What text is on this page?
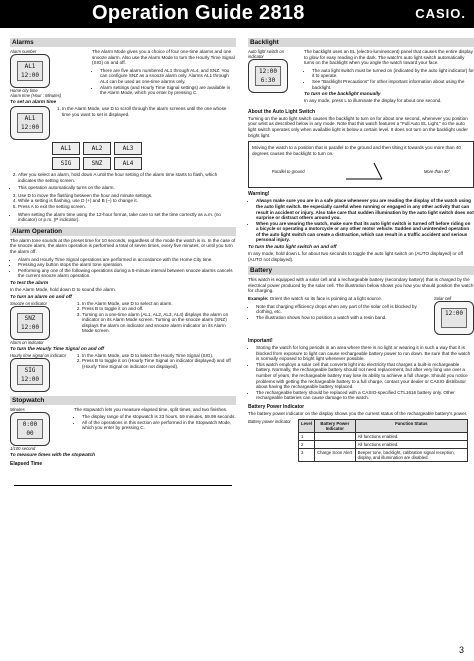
Operation Guide 2818	CASIO.
Alarms
Alarm number
AL1
12:00
Home city time
Alarm time (Hour : Minutes)

The Alarm Mode gives you a choice of four one-time alarms and one snooze alarm. Also use the Alarm Mode to turn the Hourly Time Signal (SIG) on and off.

• There are five alarm numbered AL1 through AL4, and SNZ. You can configure SNZ as a snooze alarm only. Alarms AL1 through AL4 can be used as one-time alarms only.
• Alarm settings (and Hourly Time Signal settings) are available in the Alarm Mode, which you enter by pressing C.
To set an alarm time
AL1
12:00
1. In the Alarm Mode, use D to scroll through the alarm screens until the one whose time you want to set is displayed.
AL1	AL2	AL3
SIG	SNZ	AL4
2. After you select an alarm, hold down A until the hour setting of the alarm time starts to flash, which indicates the setting screen.
• This operation automatically turns on the alarm.
3. Use D to move the flashing between the hour and minute settings.
4. While a setting is flashing, use D (+) and B (–) to change it.
5. Press A to exit the setting screen.
• When setting the alarm time using the 12-hour format, take care to set the time correctly as a.m. (no indicator) or p.m. (P indicator).
Alarm Operation

The alarm tone sounds at the preset time for 10 seconds, regardless of the mode the watch is in. In the case of the snooze alarm, the alarm operation is performed a total of seven times, every five minutes, or until you turn the alarm off.

• Alarm and Hourly Time Signal operations are performed in accordance with the Home City time.
• Pressing any button stops the alarm tone operation.
• Performing any one of the following operations during a 5-minute interval between snooze alarms cancels the current snooze alarm operation.
To test the alarm

In the Alarm Mode, hold down D to sound the alarm.

To turn an alarm on and off
Snooze on indicator
SNZ
12:00
Alarm on indicator
1. In the Alarm Mode, use D to select an alarm.
2. Press B to toggle it on and off.
3. Turning on a one-time alarm (AL1, AL2, AL3, AL4) displays the alarm on indicator on its Alarm Mode screen. Turning on the snooze alarm (SNZ) displays the alarm on indicator and snooze alarm indicator on its Alarm Mode screen.
To turn the Hourly Time Signal on and off
Hourly time signal on indicator
SIG
12:00
1. In the Alarm Mode, use D to select the Hourly Time Signal (SIG).
2. Press B to toggle it on (Hourly Time Signal on indicator displayed) and off (Hourly Time Signal on indicator not displayed).
Stopwatch
Minutes
0:00
00
1/100 second

The stopwatch lets you measure elapsed time, split times, and two finishes.

• The display range of the stopwatch is 23 hours, 59 minutes, 59.99 seconds.
• All of the operations in this section are performed in the Stopwatch Mode, which you enter by pressing C.
To measure times with the stopwatch
Elapsed Time
Backlight
Auto light switch on indicator
12:00
6:30

The backlight uses an EL (electro-luminescent) panel that causes the entire display to glow for easy reading in the dark. The watch's auto light switch automatically turns on the backlight when you angle the watch toward your face.

• The auto light switch must be turned on (indicated by the auto light indicator) for it to operate.
• See "Backlight Precautions" for other important information about using the backlight.
To turn on the backlight manually

In any mode, press L to illuminate the display for about one second.

About the Auto Light Switch

Turning on the auto light switch causes the backlight to turn on for about one second, whenever you position your wrist as described below in any mode. Note that this watch features a "Full Auto EL Light," so the auto light switch operates only when available light is below a certain level. It does not turn on the backlight under bright light.

Moving the watch to a position that is parallel to the ground and then tilting it towards you more than 40 degrees causes the backlight to turn on.

Parallel to ground	More than 40°
Warning!
• Always make sure you are in a safe place whenever you are reading the display of the watch using the auto light switch. Be especially careful when running or engaged in any other activity that can result in accident or injury. Also take care that sudden illumination by the auto light switch does not surprise or distract others around you.
• When you are wearing the watch, make sure that its auto light switch is turned off before riding on a bicycle or operating a motorcycle or any other motor vehicle. Sudden and unintended operation of the auto light switch can create a distraction, which can result in a traffic accident and serious personal injury.
To turn the auto light switch on and off

In any mode, hold down L for about two seconds to toggle the auto light switch on (AUTO displayed) or off (AUTO not displayed).

Battery

This watch is equipped with a solar cell and a rechargeable battery (secondary battery) that is charged by the electrical power produced by the solar cell. The illustration below shows you how you should position the watch for charging.

Example: Orient the watch so its face is pointing at a light source.

• Note that charging efficiency drops when any part of the solar cell is blocked by clothing, etc.
• The illustration shows how to position a watch with a resin band.
Solar cell
12:00
Important!
• Storing the watch for long periods in an area where there is no light or wearing it in such a way that it is blocked from exposure to light can cause rechargeable battery power to run down. Be sure that the watch is normally exposed to bright light whenever possible.
• This watch employs a solar cell that converts light into electricity that charges a built-in rechargeable battery. Normally, the rechargeable battery should not need replacement, but after very long use over a number of years, the rechargeable battery may lose its ability to achieve a full charge. Should you notice problems with getting the rechargeable battery to a full charge, contact your dealer or CASIO distributor about having the rechargeable battery replaced.
• The rechargeable battery should be replaced with a CASIO-specified CTL1616 battery only. Other rechargeable batteries can cause damage to the watch.
Battery Power Indicator

The battery power indicator on the display shows you the current status of the rechargeable battery's power.

Battery power indicator	Level	Battery Power Indicator	Function Status
1		All functions enabled.
2		All functions enabled.
3	Charge Soon Alert	Beeper tone, backlight, calibration signal reception, display, and illumination are disabled.
3
